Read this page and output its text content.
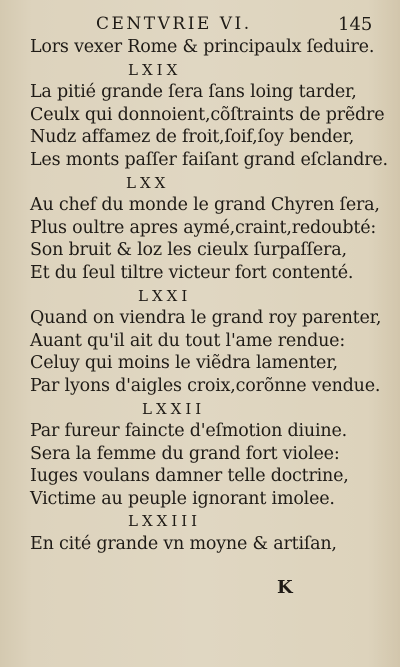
CENTVRIE VI.	145
Lors vexer Rome & principaulx ſeduire.
LXIX
La pitié grande ſera ſans loing tarder,
Ceulx qui donnoient,cõſtraints de prẽdre
Nudz affamez de froit,ſoif,ſoy bender,
Les monts paſſer faiſant grand eſclandre.
LXX
Au chef du monde le grand Chyren ſera,
Plus oultre apres aymé,craint,redoubté:
Son bruit & loz les cieulx ſurpaſſera,
Et du ſeul tiltre victeur fort contenté.
LXXI
Quand on viendra le grand roy parenter,
Auant qu'il ait du tout l'ame rendue:
Celuy qui moins le viẽdra lamenter,
Par lyons d'aigles croix,corõnne vendue.
LXXII
Par fureur faincte d'eſmotion diuine.
Sera la femme du grand fort violee:
Iuges voulans damner telle doctrine,
Victime au peuple ignorant imolee.
LXXIII
En cité grande vn moyne & artiſan,
K
